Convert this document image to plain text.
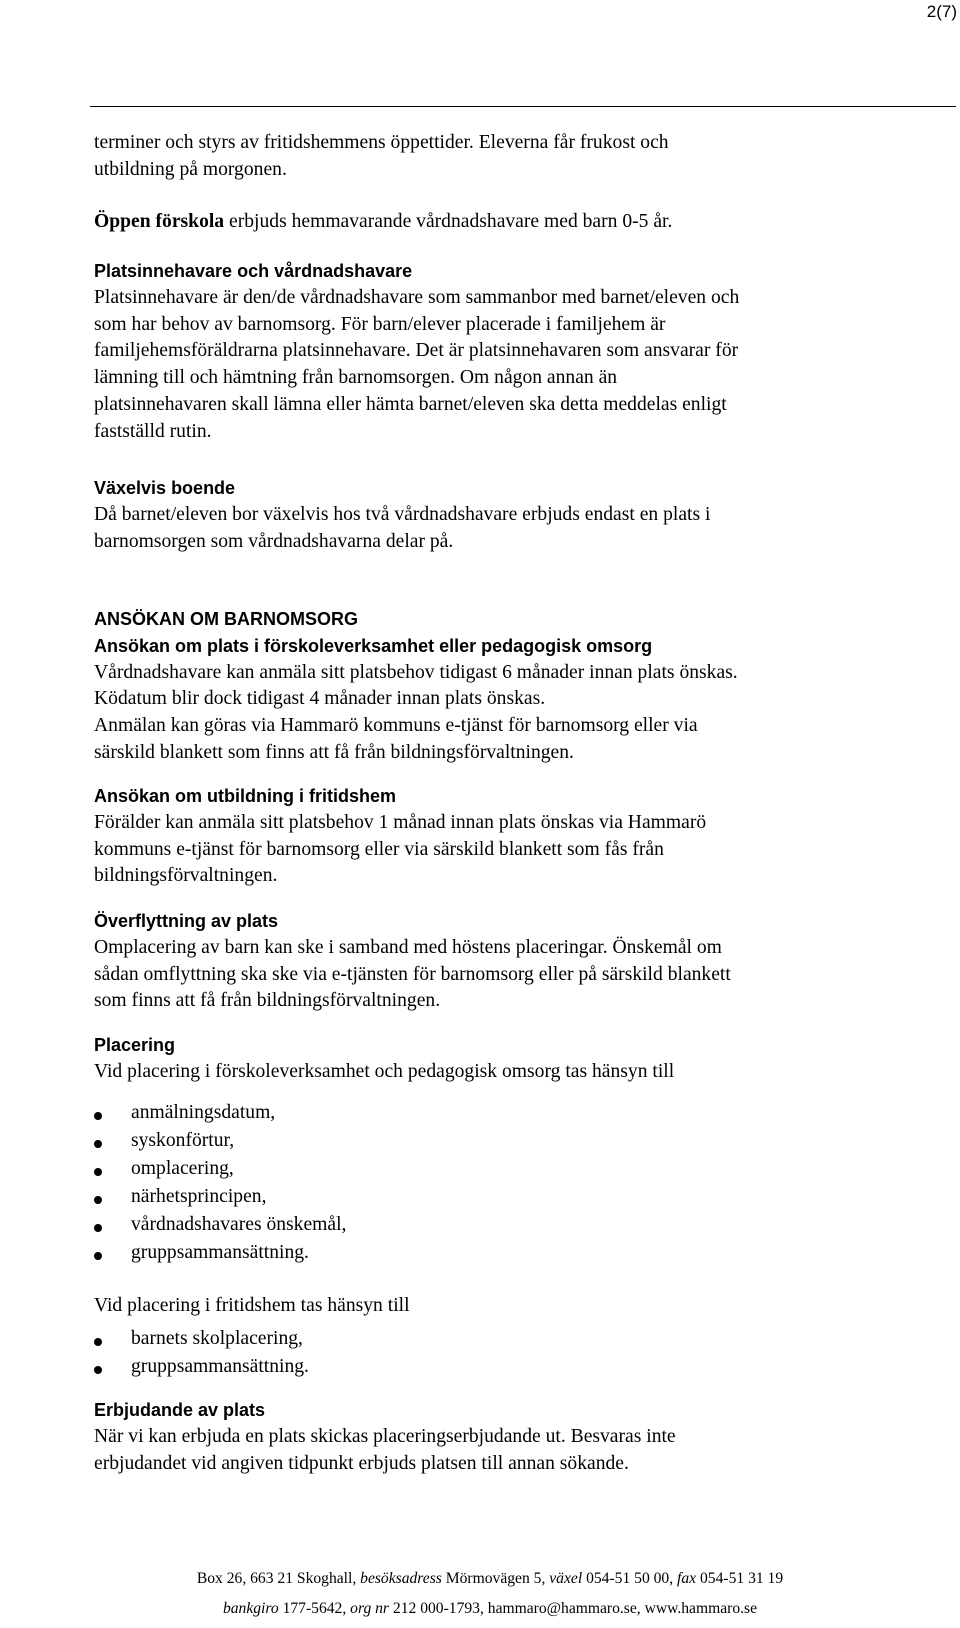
2(7)
terminer och styrs av fritidshemmens öppettider. Eleverna får frukost och
utbildning på morgonen.
Öppen förskola erbjuds hemmavarande vårdnadshavare med barn 0-5 år.
Platsinnehavare och vårdnadshavare
Platsinnehavare är den/de vårdnadshavare som sammanbor med barnet/eleven och
som har behov av barnomsorg. För barn/elever placerade i familjehem är
familjehemsföräldrarna platsinnehavare. Det är platsinnehavaren som ansvarar för
lämning till och hämtning från barnomsorgen. Om någon annan än
platsinnehavaren skall lämna eller hämta barnet/eleven ska detta meddelas enligt
fastställd rutin.
Växelvis boende
Då barnet/eleven bor växelvis hos två vårdnadshavare erbjuds endast en plats i
barnomsorgen som vårdnadshavarna delar på.
ANSÖKAN OM BARNOMSORG
Ansökan om plats i förskoleverksamhet eller pedagogisk omsorg
Vårdnadshavare kan anmäla sitt platsbehov tidigast 6 månader innan plats önskas.
Ködatum blir dock tidigast 4 månader innan plats önskas.
Anmälan kan göras via Hammarö kommuns e-tjänst för barnomsorg eller via
särskild blankett som finns att få från bildningsförvaltningen.
Ansökan om utbildning i fritidshem
Förälder kan anmäla sitt platsbehov 1 månad innan plats önskas via Hammarö
kommuns e-tjänst för barnomsorg eller via särskild blankett som fås från
bildningsförvaltningen.
Överflyttning av plats
Omplacering av barn kan ske i samband med höstens placeringar. Önskemål om
sådan omflyttning ska ske via e-tjänsten för barnomsorg eller på särskild blankett
som finns att få från bildningsförvaltningen.
Placering
Vid placering i förskoleverksamhet och pedagogisk omsorg tas hänsyn till
anmälningsdatum,
syskonförtur,
omplacering,
närhetsprincipen,
vårdnadshavares önskemål,
gruppsammansättning.
Vid placering i fritidshem tas hänsyn till
barnets skolplacering,
gruppsammansättning.
Erbjudande av plats
När vi kan erbjuda en plats skickas placeringserbjudande ut. Besvaras inte
erbjudandet vid angiven tidpunkt erbjuds platsen till annan sökande.
Box 26, 663 21 Skoghall, besöksadress Mörmovägen 5, växel 054-51 50 00, fax 054-51 31 19
bankgiro 177-5642, org nr 212 000-1793, hammaro@hammaro.se, www.hammaro.se
